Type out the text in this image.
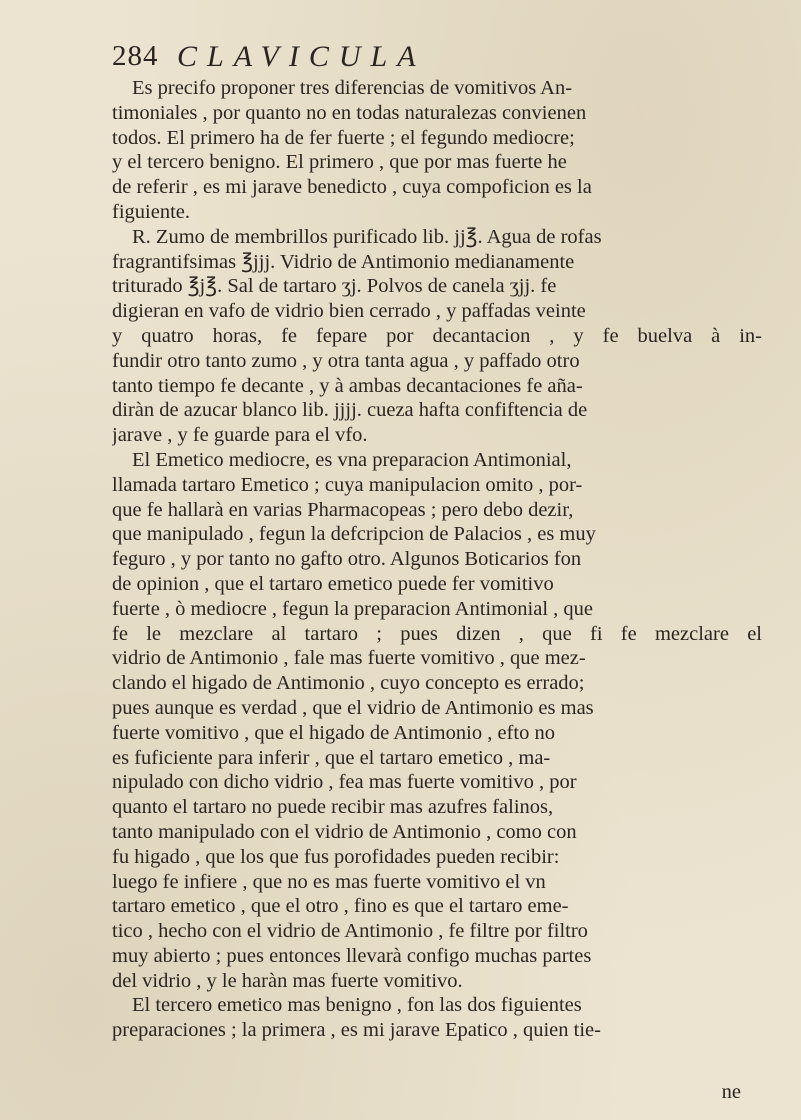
284 CLAVICULA
Es precifo proponer tres diferencias de vomitivos An-
timoniales , por quanto no en todas naturalezas convienen
todos. El primero ha de fer fuerte ; el fegundo mediocre;
y el tercero benigno. El primero , que por mas fuerte he
de referir , es mi jarave benedicto , cuya compoficion es la
figuiente.
R. Zumo de membrillos purificado lib. jj℥. Agua de rofas
fragrantifsimas ℥jjj. Vidrio de Antimonio medianamente
triturado ℥j℥. Sal de tartaro ʒj. Polvos de canela ʒjj. fe
digieran en vafo de vidrio bien cerrado , y paffadas veinte
y quatro horas, fe fepare por decantacion , y fe buelva à in-
fundir otro tanto zumo , y otra tanta agua , y paffado otro
tanto tiempo fe decante , y à ambas decantaciones fe aña-
diràn de azucar blanco lib. jjjj. cueza hafta confiftencia de
jarave , y fe guarde para el vfo.
El Emetico mediocre, es vna preparacion Antimonial,
llamada tartaro Emetico ; cuya manipulacion omito , por-
que fe hallarà en varias Pharmacopeas ; pero debo dezir,
que manipulado , fegun la defcripcion de Palacios , es muy
feguro , y por tanto no gafto otro. Algunos Boticarios fon
de opinion , que el tartaro emetico puede fer vomitivo
fuerte , ò mediocre , fegun la preparacion Antimonial , que
fe le mezclare al tartaro ; pues dizen , que fi fe mezclare el
vidrio de Antimonio , fale mas fuerte vomitivo , que mez-
clando el higado de Antimonio , cuyo concepto es errado;
pues aunque es verdad , que el vidrio de Antimonio es mas
fuerte vomitivo , que el higado de Antimonio , efto no
es fuficiente para inferir , que el tartaro emetico , ma-
nipulado con dicho vidrio , fea mas fuerte vomitivo , por
quanto el tartaro no puede recibir mas azufres falinos,
tanto manipulado con el vidrio de Antimonio , como con
fu higado , que los que fus porofidades pueden recibir:
luego fe infiere , que no es mas fuerte vomitivo el vn
tartaro emetico , que el otro , fino es que el tartaro eme-
tico , hecho con el vidrio de Antimonio , fe filtre por filtro
muy abierto ; pues entonces llevarà configo muchas partes
del vidrio , y le haràn mas fuerte vomitivo.
El tercero emetico mas benigno , fon las dos figuientes
preparaciones ; la primera , es mi jarave Epatico , quien tie-
ne
